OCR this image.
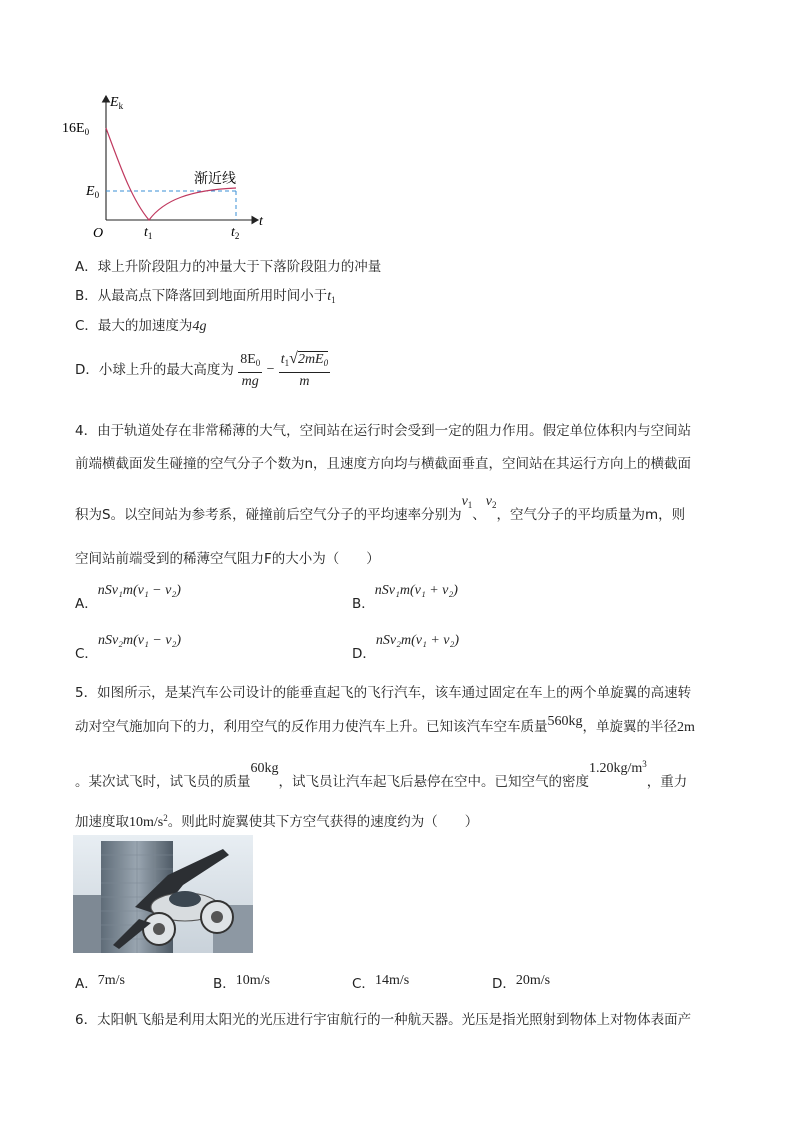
$E_k$
$16E_0$
$E_0$
渐近线
O	$t_1$	$t_2$
t
A．球上升阶段阻力的冲量大于下落阶段阻力的冲量
B．从最高点下降落回到地面所用时间小于$t_1$
C．最大的加速度为4g
D．小球上升的最大高度为 $\frac{8E_0}{mg} - \frac{t_1√2mE_0}{m}$
4．由于轨道处存在非常稀薄的大气，空间站在运行时会受到一定的阻力作用。假定单位体积内与空间站
前端横截面发生碰撞的空气分子个数为n，且速度方向均与横截面垂直，空间站在其运行方向上的横截面
积为S。以空间站为参考系，碰撞前后空气分子的平均速率分别为$v^1$、$v^2$，空气分子的平均质量为m，则
空间站前端受到的稀薄空气阻力F的大小为（　　）
A．nSv₁m(v₁ − v₂)
B．nSv₁m(v₁ + v₂)
C．nSv₂m(v₁ − v₂)
D．nSv₂m(v₁ + v₂)
5．如图所示，是某汽车公司设计的能垂直起飞的飞行汽车，该车通过固定在车上的两个单旋翼的高速转
动对空气施加向下的力，利用空气的反作用力使汽车上升。已知该汽车空车质量560kg，单旋翼的半径2m
。某次试飞时，试飞员的质量60kg，试飞员让汽车起飞后悬停在空中。已知空气的密度$1.20kg/m^3$，重力
加速度取$10m/s^2$。则此时旋翼使其下方空气获得的速度约为（　　）
A．7m/s	B．10m/s	C．14m/s	D．20m/s
6．太阳帆飞船是利用太阳光的光压进行宇宙航行的一种航天器。光压是指光照射到物体上对物体表面产
